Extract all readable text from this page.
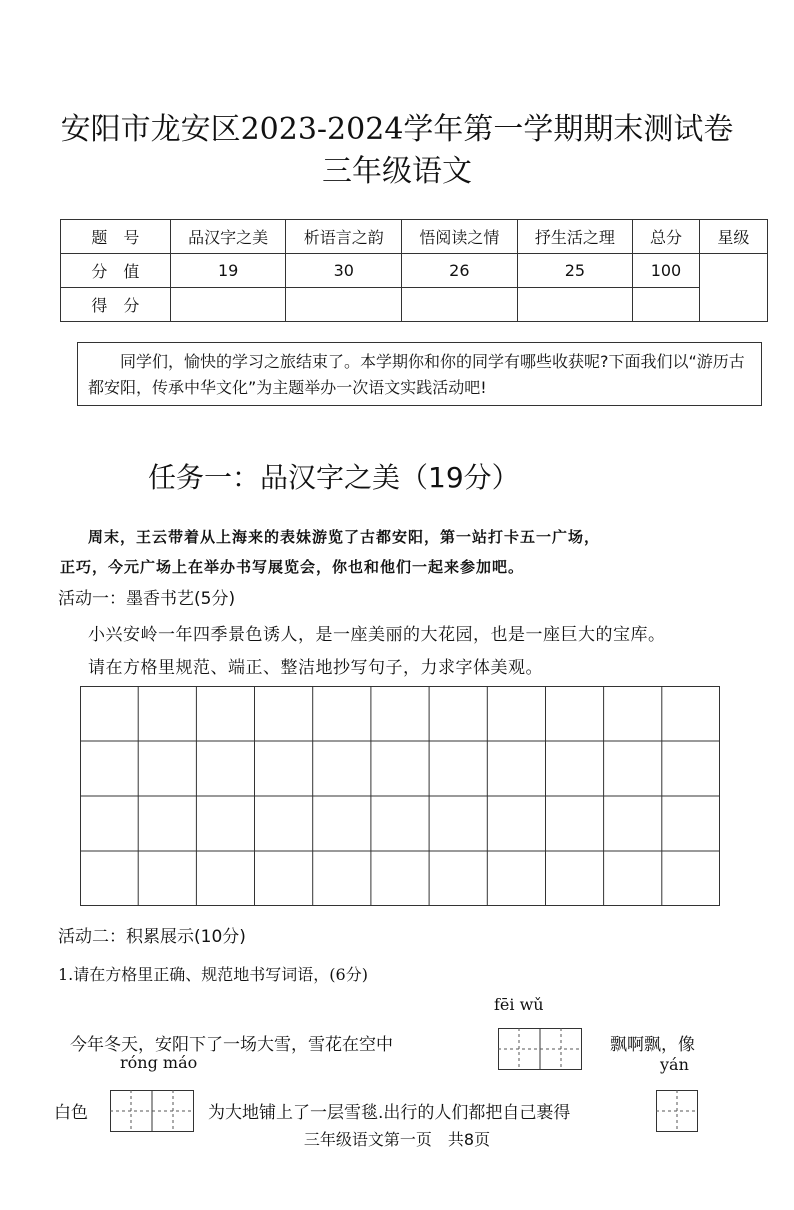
安阳市龙安区2023-2024学年第一学期期末测试卷
三年级语文
题　号	品汉字之美	析语言之韵	悟阅读之情	抒生活之理	总分	星级
分　值	19	30	26	25	100	
得　分						

同学们，愉快的学习之旅结束了。本学期你和你的同学有哪些收获呢?下面我们以“游历古都安阳，传承中华文化”为主题举办一次语文实践活动吧!

任务一：品汉字之美（19分）
周末，王云带着从上海来的表妹游览了古都安阳，第一站打卡五一广场，
正巧，今元广场上在举办书写展览会，你也和他们一起来参加吧。
活动一：墨香书艺(5分)
小兴安岭一年四季景色诱人，是一座美丽的大花园，也是一座巨大的宝库。
请在方格里规范、端正、整洁地抄写句子，力求字体美观。
活动二：积累展示(10分)
1.请在方格里正确、规范地书写词语，(6分)
fēi wǔ
今年冬天，安阳下了一场大雪，雪花在空中	飘啊飘，像
róng máo	yán
白色	为大地铺上了一层雪毯.出行的人们都把自己裹得
三年级语文第一页　共8页
